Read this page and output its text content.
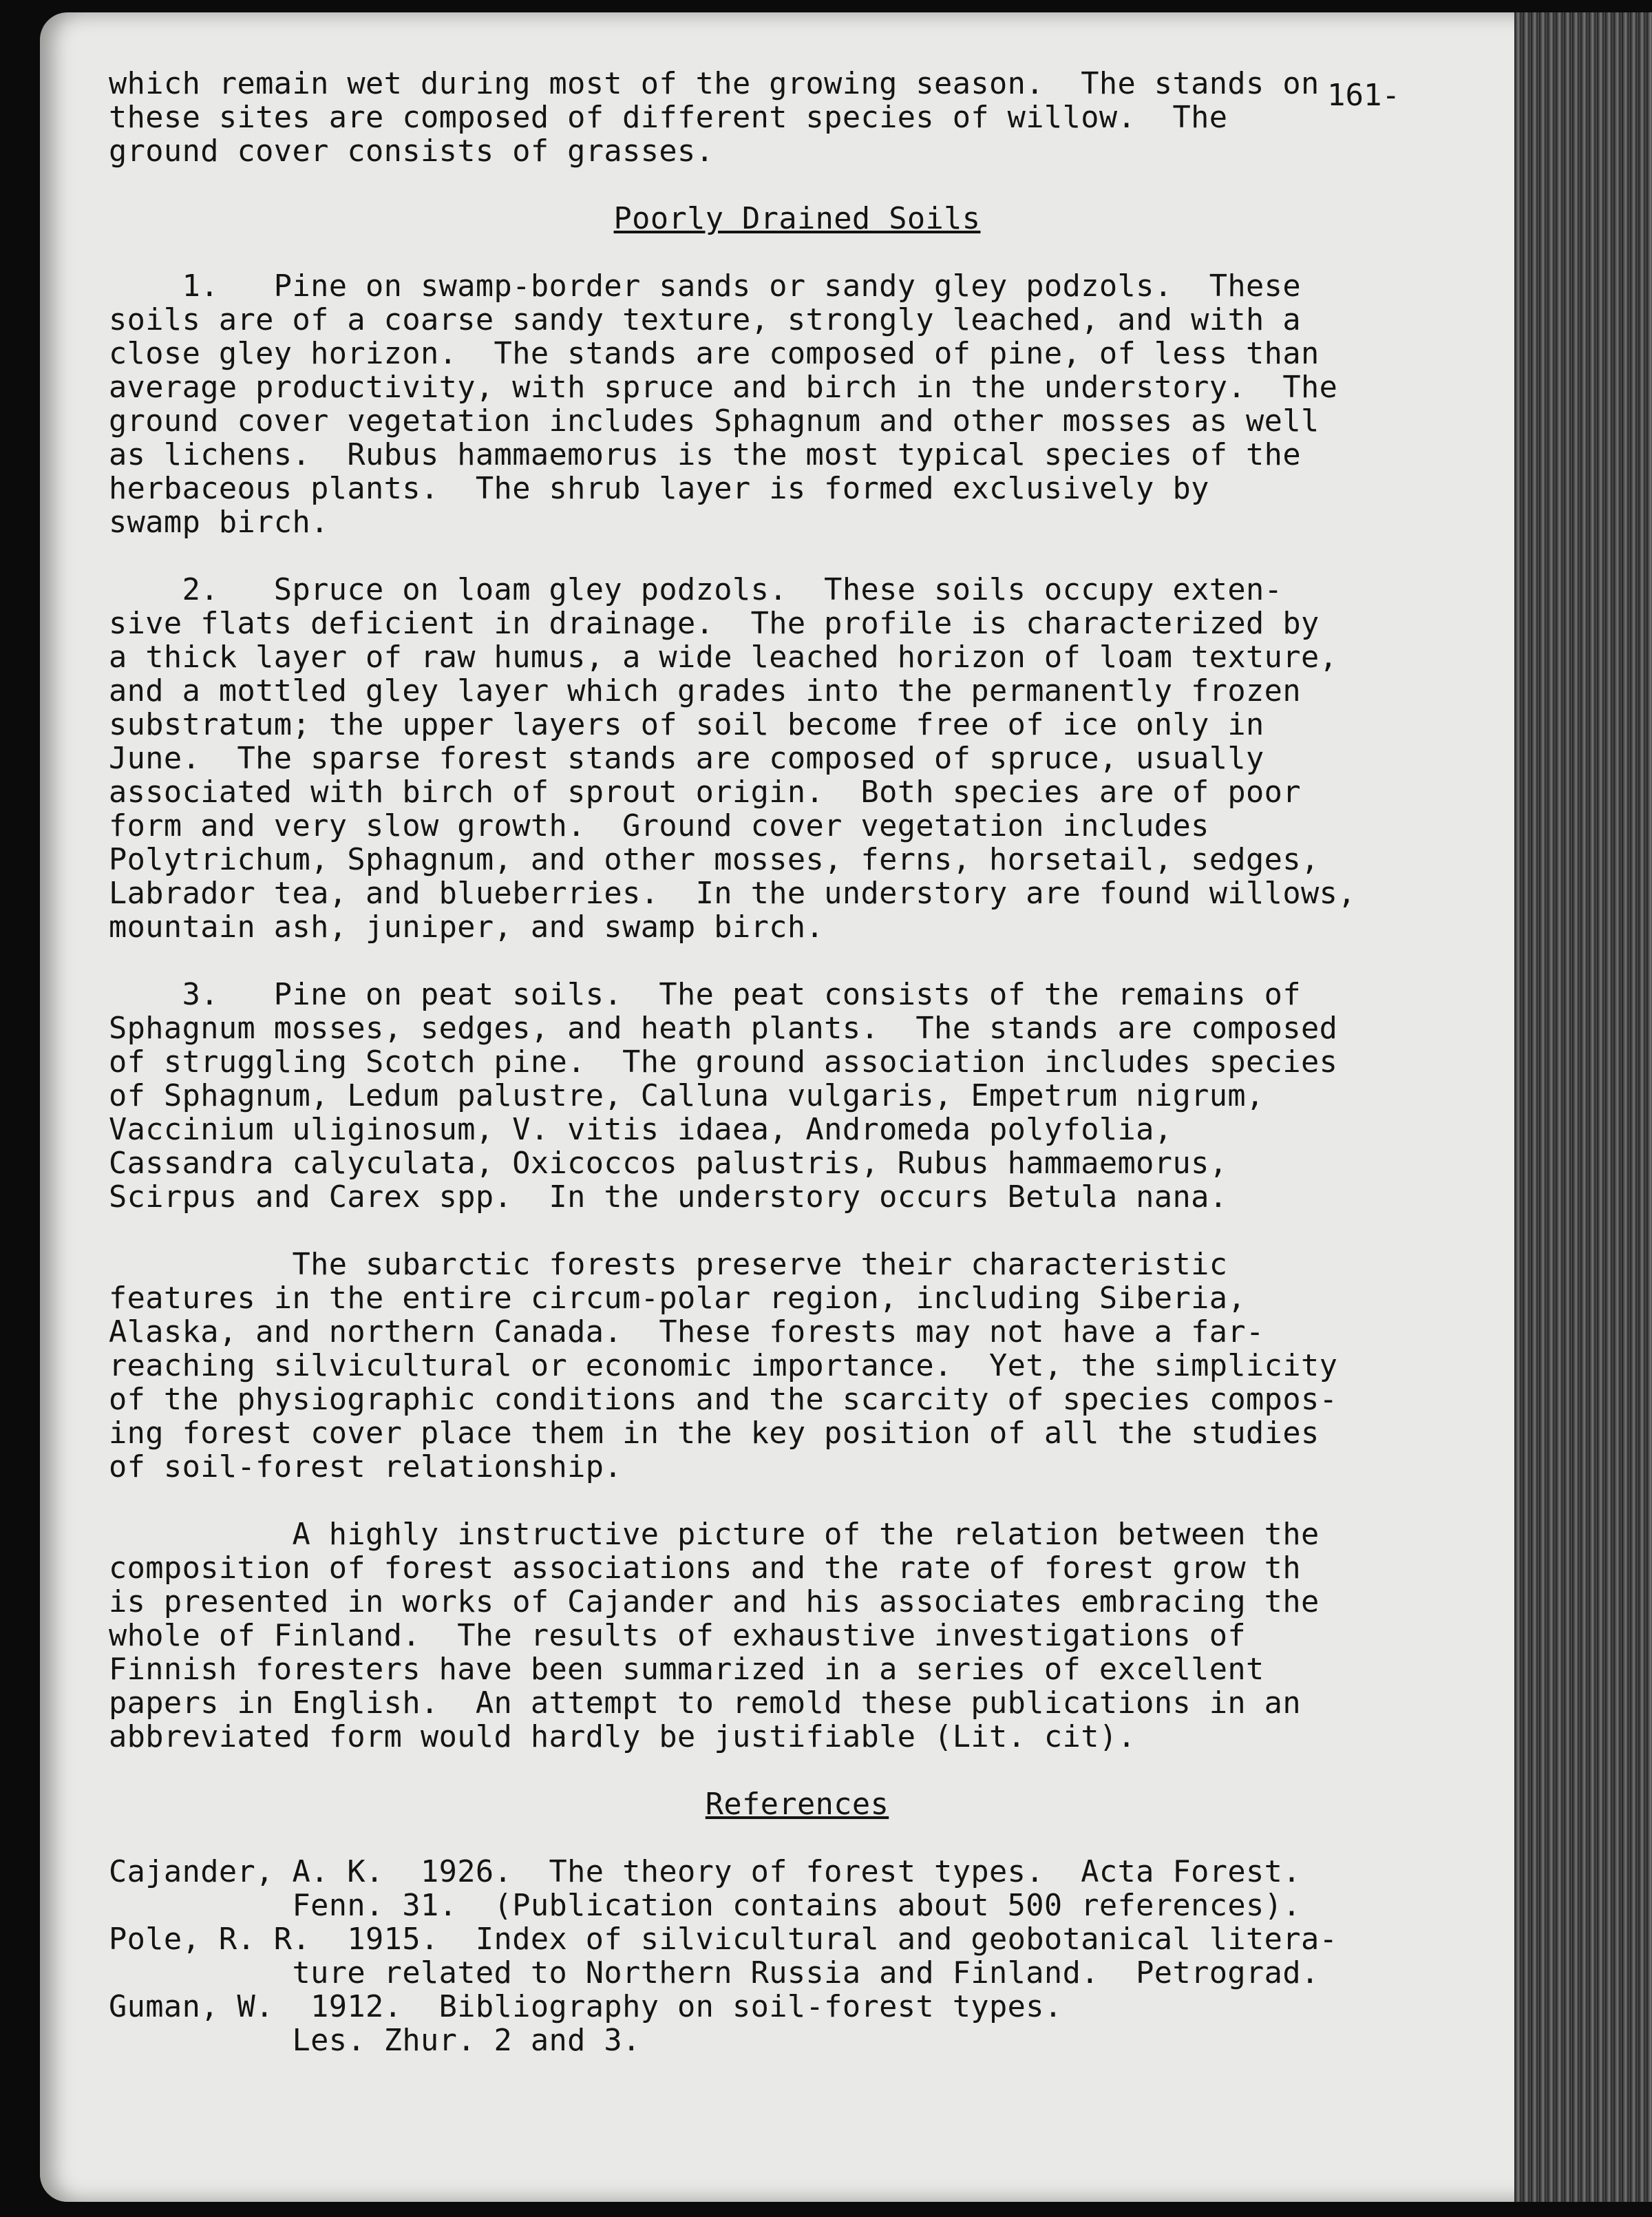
161-
which remain wet during most of the growing season.  The stands on
these sites are composed of different species of willow.  The
ground cover consists of grasses.
Poorly Drained Soils
1.   Pine on swamp-border sands or sandy gley podzols.  These
soils are of a coarse sandy texture, strongly leached, and with a
close gley horizon.  The stands are composed of pine, of less than
average productivity, with spruce and birch in the understory.  The
ground cover vegetation includes Sphagnum and other mosses as well
as lichens.  Rubus hammaemorus is the most typical species of the
herbaceous plants.  The shrub layer is formed exclusively by
swamp birch.
2.   Spruce on loam gley podzols.  These soils occupy exten-
sive flats deficient in drainage.  The profile is characterized by
a thick layer of raw humus, a wide leached horizon of loam texture,
and a mottled gley layer which grades into the permanently frozen
substratum; the upper layers of soil become free of ice only in
June.  The sparse forest stands are composed of spruce, usually
associated with birch of sprout origin.  Both species are of poor
form and very slow growth.  Ground cover vegetation includes
Polytrichum, Sphagnum, and other mosses, ferns, horsetail, sedges,
Labrador tea, and blueberries.  In the understory are found willows,
mountain ash, juniper, and swamp birch.
3.   Pine on peat soils.  The peat consists of the remains of
Sphagnum mosses, sedges, and heath plants.  The stands are composed
of struggling Scotch pine.  The ground association includes species
of Sphagnum, Ledum palustre, Calluna vulgaris, Empetrum nigrum,
Vaccinium uliginosum, V. vitis idaea, Andromeda polyfolia,
Cassandra calyculata, Oxicoccos palustris, Rubus hammaemorus,
Scirpus and Carex spp.  In the understory occurs Betula nana.
The subarctic forests preserve their characteristic
features in the entire circum-polar region, including Siberia,
Alaska, and northern Canada.  These forests may not have a far-
reaching silvicultural or economic importance.  Yet, the simplicity
of the physiographic conditions and the scarcity of species compos-
ing forest cover place them in the key position of all the studies
of soil-forest relationship.
A highly instructive picture of the relation between the
composition of forest associations and the rate of forest grow th
is presented in works of Cajander and his associates embracing the
whole of Finland.  The results of exhaustive investigations of
Finnish foresters have been summarized in a series of excellent
papers in English.  An attempt to remold these publications in an
abbreviated form would hardly be justifiable (Lit. cit).
References
Cajander, A. K.  1926.  The theory of forest types.  Acta Forest.
Fenn. 31.  (Publication contains about 500 references).
Pole, R. R.  1915.  Index of silvicultural and geobotanical litera-
ture related to Northern Russia and Finland.  Petrograd.
Guman, W.  1912.  Bibliography on soil-forest types.
Les. Zhur. 2 and 3.
